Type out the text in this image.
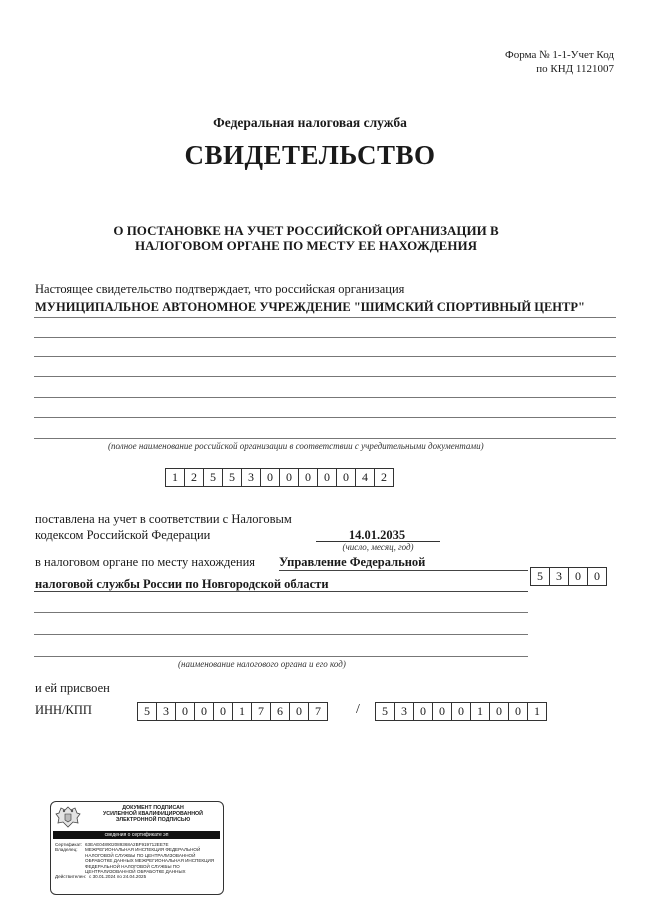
Форма № 1-1-Учет Код
по КНД 1121007
Федеральная налоговая служба
СВИДЕТЕЛЬСТВО
О ПОСТАНОВКЕ НА УЧЕТ РОССИЙСКОЙ ОРГАНИЗАЦИИ В
НАЛОГОВОМ ОРГАНЕ ПО МЕСТУ ЕЕ НАХОЖДЕНИЯ
Настоящее свидетельство подтверждает, что российская организация
МУНИЦИПАЛЬНОЕ АВТОНОМНОЕ УЧРЕЖДЕНИЕ "ШИМСКИЙ СПОРТИВНЫЙ ЦЕНТР"
(полное наименование российской организации в соответствии с учредительными документами)
1	2	5	5	3	0	0	0	0	0	4	2
поставлена на учет в соответствии с Налоговым
кодексом Российской Федерации	14.01.2035
(число, месяц, год)
в налоговом органе по месту нахождения Управление Федеральной
налоговой службы России по Новгородской области
5	3	0	0
(наименование налогового органа и его код)
и ей присвоен
ИНН/КПП	5	3	0	0	0	1	7	6	0	7	/	5	3	0	0	0	1	0	0	1
ДОКУМЕНТ ПОДПИСАН
УСИЛЕННОЙ КВАЛИФИЦИРОВАННОЙ
ЭЛЕКТРОННОЙ ПОДПИСЬЮ
сведения о сертификате эп
Сертификат: 63EAE048902089368A2BF919712EE7E
Владелец:	МЕЖРЕГИОНАЛЬНАЯ ИНСПЕКЦИЯ ФЕДЕРАЛЬНОЙ НАЛОГОВОЙ СЛУЖБЫ ПО ЦЕНТРАЛИЗОВАННОЙ ОБРАБОТКЕ ДАННЫХ МЕЖРЕГИОНАЛЬНАЯ ИНСПЕКЦИЯ ФЕДЕРАЛЬНОЙ НАЛОГОВОЙ СЛУЖБЫ ПО ЦЕНТРАЛИЗОВАННОЙ ОБРАБОТКЕ ДАННЫХ
Действителен: с 30.01.2024 по 24.04.2025
